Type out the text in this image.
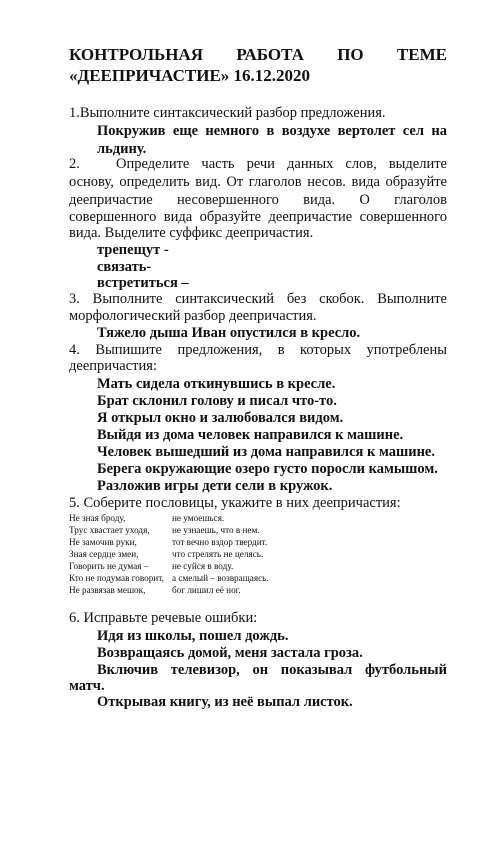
КОНТРОЛЬНАЯ РАБОТА ПО ТЕМЕ
«ДЕЕПРИЧАСТИЕ» 16.12.2020
1.Выполните синтаксический разбор предложения.
Покружив еще немного в воздухе вертолет сел на
льдину.
2.   Определите часть речи данных слов, выделите
основу, определить вид. От глаголов несов. вида образуйте
деепричастие несовершенного вида. О глаголов
совершенного вида образуйте деепричастие совершенного
вида. Выделите суффикс деепричастия.
трепещут -
связать-
встретиться –
3. Выполните синтаксический без скобок. Выполните
морфологический разбор деепричастия.
Тяжело дыша Иван опустился в кресло.
4. Выпишите предложения, в которых употреблены
деепричастия:
Мать сидела откинувшись в кресле.
Брат склонил голову и писал что-то.
Я открыл окно и залюбовался видом.
Выйдя из дома человек направился к машине.
Человек вышедший из дома направился к машине.
Берега окружающие озеро густо поросли камышом.
Разложив игры дети сели в кружок.
5. Соберите пословицы, укажите в них деепричастия:
Не зная броду,
Трус хвастает уходя,
Не замочив руки,
Зная сердце змеи,
Говорить не думая –
Кто не подумав говорит,
Не развязав мешок,
не умоешься.
не узнаешь, что в нем.
тот вечно вздор твердит.
что стрелять не целясь.
не суйся в воду.
а смелый – возвращаясь.
бог лишил её ног.
6. Исправьте речевые ошибки:
Идя из школы, пошел дождь.
Возвращаясь домой, меня застала гроза.
Включив телевизор, он показывал футбольный
матч.
Открывая книгу, из неё выпал листок.
